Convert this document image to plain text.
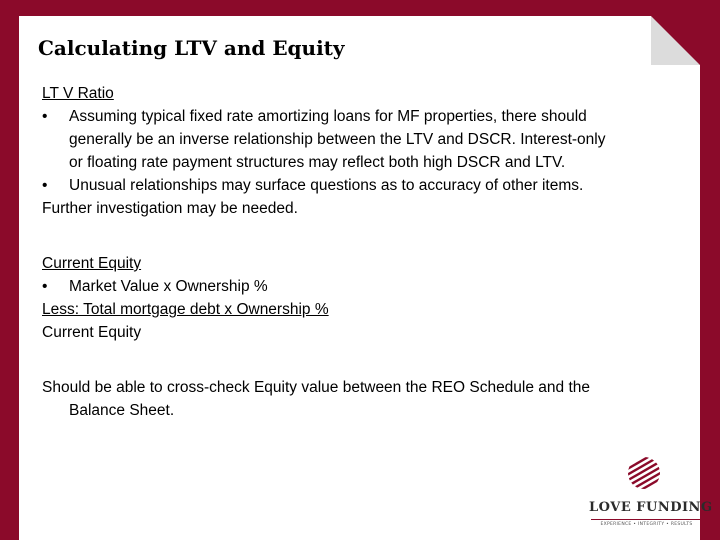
Calculating LTV and Equity

LT V Ratio

• Assuming typical fixed rate amortizing loans for MF properties, there should
generally be an inverse relationship between the LTV and DSCR. Interest-only
or floating rate payment structures may reflect both high DSCR and LTV.
• Unusual relationships may surface questions as to accuracy of other items.

Further investigation may be needed.

Current Equity

• Market Value x Ownership %

Less: Total mortgage debt x Ownership %

Current Equity

Should be able to cross-check Equity value between the REO Schedule and the
Balance Sheet.

LOVE FUNDING
EXPERIENCE • INTEGRITY • RESULTS
